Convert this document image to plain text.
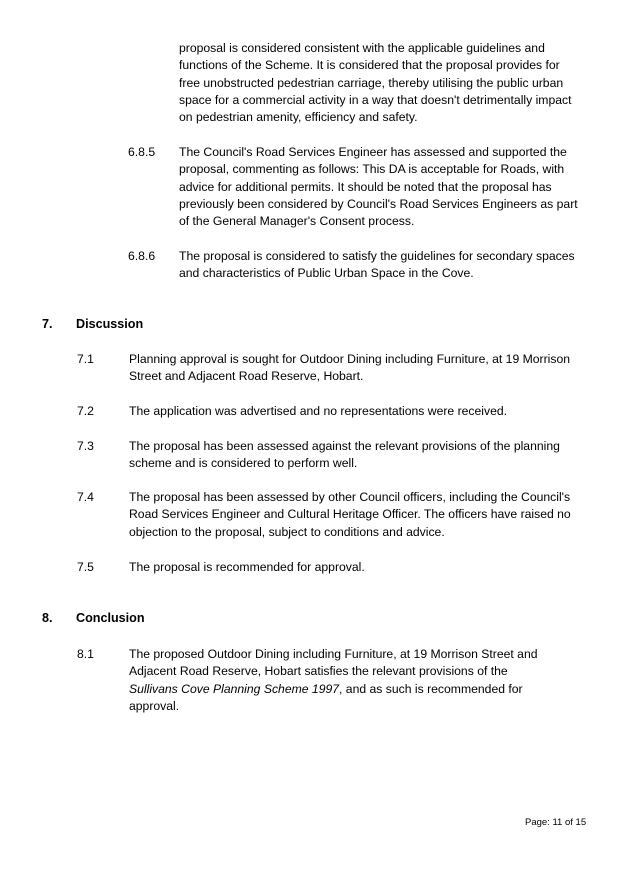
proposal is considered consistent with the applicable guidelines and functions of the Scheme. It is considered that the proposal provides for free unobstructed pedestrian carriage, thereby utilising the public urban space for a commercial activity in a way that doesn't detrimentally impact on pedestrian amenity, efficiency and safety.
6.8.5 The Council's Road Services Engineer has assessed and supported the proposal, commenting as follows: This DA is acceptable for Roads, with advice for additional permits. It should be noted that the proposal has previously been considered by Council's Road Services Engineers as part of the General Manager's Consent process.
6.8.6 The proposal is considered to satisfy the guidelines for secondary spaces and characteristics of Public Urban Space in the Cove.
7. Discussion
7.1	Planning approval is sought for Outdoor Dining including Furniture, at 19 Morrison Street and Adjacent Road Reserve, Hobart.
7.2	The application was advertised and no representations were received.
7.3	The proposal has been assessed against the relevant provisions of the planning scheme and is considered to perform well.
7.4	The proposal has been assessed by other Council officers, including the Council's Road Services Engineer and Cultural Heritage Officer. The officers have raised no objection to the proposal, subject to conditions and advice.
7.5	The proposal is recommended for approval.
8. Conclusion
8.1	The proposed Outdoor Dining including Furniture, at 19 Morrison Street and Adjacent Road Reserve, Hobart satisfies the relevant provisions of the Sullivans Cove Planning Scheme 1997, and as such is recommended for approval.
Page: 11 of 15
